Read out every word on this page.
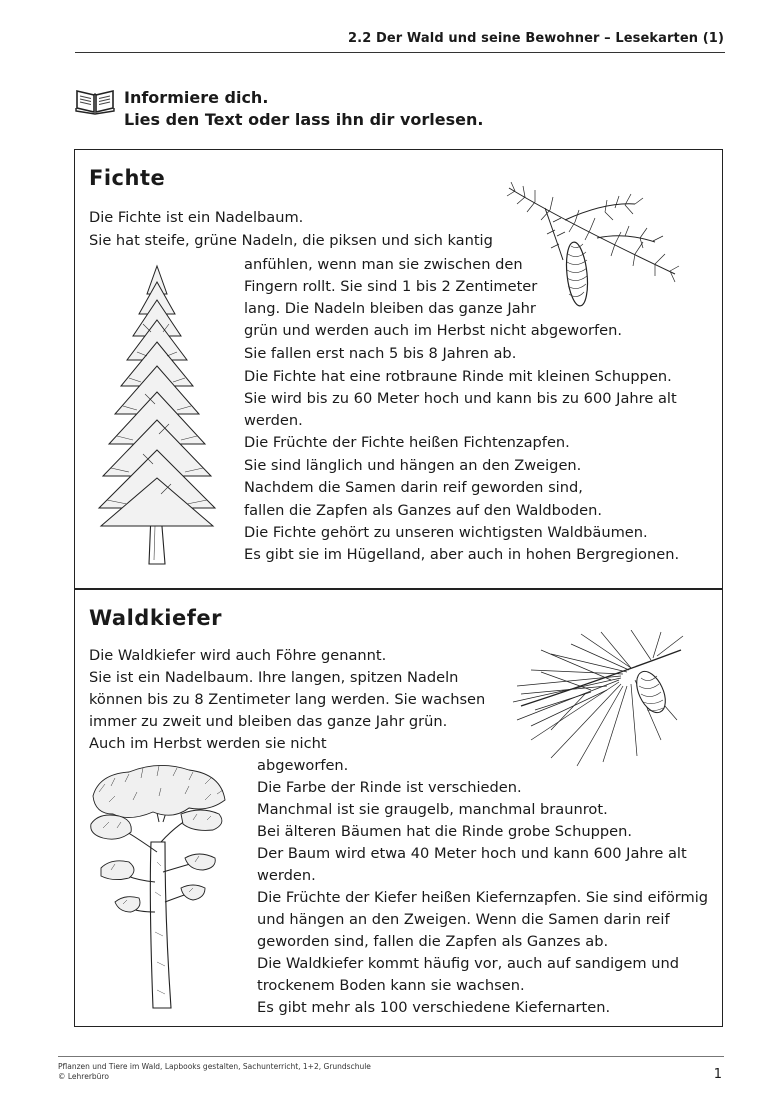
2.2 Der Wald und seine Bewohner – Lesekarten (1)
Informiere dich.
Lies den Text oder lass ihn dir vorlesen.
Fichte
Die Fichte ist ein Nadelbaum.
Sie hat steife, grüne Nadeln, die piksen und sich kantig
anfühlen, wenn man sie zwischen den
Fingern rollt. Sie sind 1 bis 2 Zentimeter
lang. Die Nadeln bleiben das ganze Jahr
grün und werden auch im Herbst nicht abgeworfen.
Sie fallen erst nach 5 bis 8 Jahren ab.
Die Fichte hat eine rotbraune Rinde mit kleinen Schuppen.
Sie wird bis zu 60 Meter hoch und kann bis zu 600 Jahre alt
werden.
Die Früchte der Fichte heißen Fichtenzapfen.
Sie sind länglich und hängen an den Zweigen.
Nachdem die Samen darin reif geworden sind,
fallen die Zapfen als Ganzes auf den Waldboden.
Die Fichte gehört zu unseren wichtigsten Waldbäumen.
Es gibt sie im Hügelland, aber auch in hohen Bergregionen.
Waldkiefer
Die Waldkiefer wird auch Föhre genannt.
Sie ist ein Nadelbaum. Ihre langen, spitzen Nadeln
können bis zu 8 Zentimeter lang werden. Sie wachsen
immer zu zweit und bleiben das ganze Jahr grün.
Auch im Herbst werden sie nicht
abgeworfen.
Die Farbe der Rinde ist verschieden.
Manchmal ist sie graugelb, manchmal braunrot.
Bei älteren Bäumen hat die Rinde grobe Schuppen.
Der Baum wird etwa 40 Meter hoch und kann 600 Jahre alt
werden.
Die Früchte der Kiefer heißen Kiefernzapfen. Sie sind eiförmig
und hängen an den Zweigen. Wenn die Samen darin reif
geworden sind, fallen die Zapfen als Ganzes ab.
Die Waldkiefer kommt häufig vor, auch auf sandigem und
trockenem Boden kann sie wachsen.
Es gibt mehr als 100 verschiedene Kiefernarten.
Pflanzen und Tiere im Wald, Lapbooks gestalten, Sachunterricht, 1+2, Grundschule
© Lehrerbüro	1
